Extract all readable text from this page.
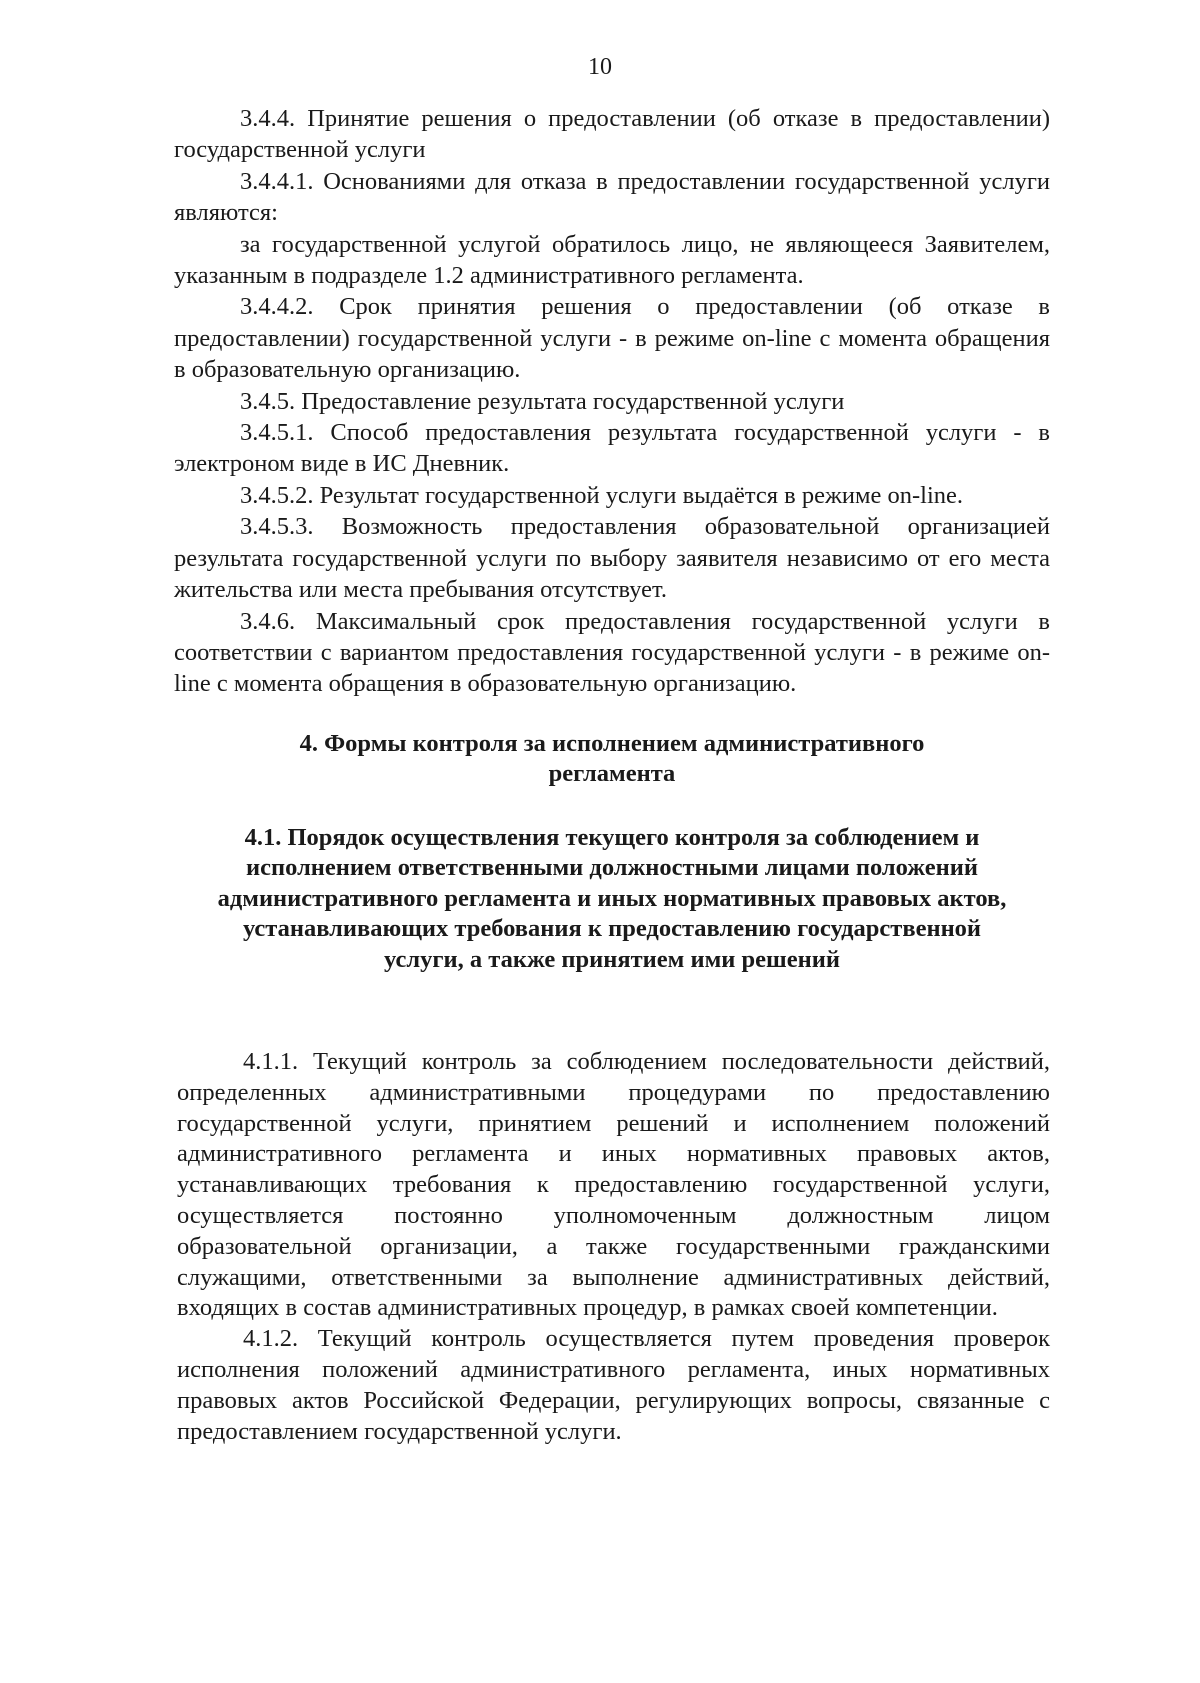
10

3.4.4. Принятие решения о предоставлении (об отказе в предоставлении) государственной услуги

3.4.4.1. Основаниями для отказа в предоставлении государственной услуги являются:

за государственной услугой обратилось лицо, не являющееся Заявителем, указанным в подразделе 1.2 административного регламента.

3.4.4.2. Срок принятия решения о предоставлении (об отказе в предоставлении) государственной услуги - в режиме on-line с момента обращения в образовательную организацию.

3.4.5. Предоставление результата государственной услуги

3.4.5.1. Способ предоставления результата государственной услуги - в электроном виде в ИС Дневник.

3.4.5.2. Результат государственной услуги выдаётся в режиме on-line.

3.4.5.3. Возможность предоставления образовательной организацией результата государственной услуги по выбору заявителя независимо от его места жительства или места пребывания отсутствует.

3.4.6. Максимальный срок предоставления государственной услуги в соответствии с вариантом предоставления государственной услуги - в режиме on-line с момента обращения в образовательную организацию.

4. Формы контроля за исполнением административного
регламента

4.1. Порядок осуществления текущего контроля за соблюдением и
исполнением ответственными должностными лицами положений
административного регламента и иных нормативных правовых актов,
устанавливающих требования к предоставлению государственной
услуги, а также принятием ими решений

4.1.1. Текущий контроль за соблюдением последовательности действий, определенных административными процедурами по предоставлению государственной услуги, принятием решений и исполнением положений административного регламента и иных нормативных правовых актов, устанавливающих требования к предоставлению государственной услуги, осуществляется постоянно уполномоченным должностным лицом образовательной организации, а также государственными гражданскими служащими, ответственными за выполнение административных действий, входящих в состав административных процедур, в рамках своей компетенции.

4.1.2. Текущий контроль осуществляется путем проведения проверок исполнения положений административного регламента, иных нормативных правовых актов Российской Федерации, регулирующих вопросы, связанные с предоставлением государственной услуги.
